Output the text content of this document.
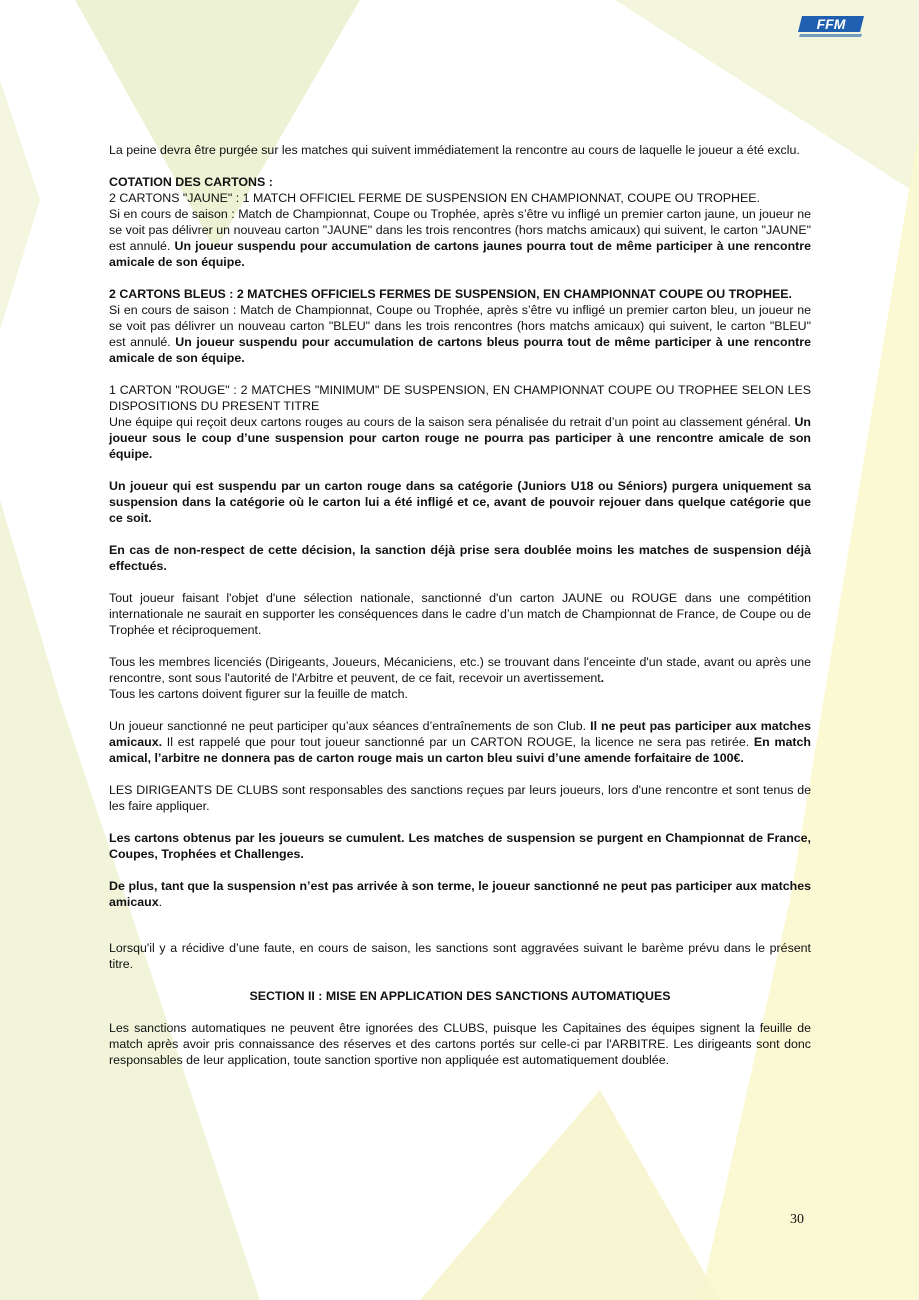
FFM

La peine devra être purgée sur les matches qui suivent immédiatement la rencontre au cours de laquelle le joueur a été exclu.

COTATION DES CARTONS :
2 CARTONS "JAUNE" : 1 MATCH OFFICIEL FERME DE SUSPENSION EN CHAMPIONNAT, COUPE OU TROPHEE.
Si en cours de saison : Match de Championnat, Coupe ou Trophée, après s’être vu infligé un premier carton jaune, un joueur ne se voit pas délivrer un nouveau carton "JAUNE" dans les trois rencontres (hors matchs amicaux) qui suivent, le carton "JAUNE" est annulé. Un joueur suspendu pour accumulation de cartons jaunes pourra tout de même participer à une rencontre amicale de son équipe.

2 CARTONS BLEUS : 2 MATCHES OFFICIELS FERMES DE SUSPENSION, EN CHAMPIONNAT COUPE OU TROPHEE.
Si en cours de saison : Match de Championnat, Coupe ou Trophée, après s’être vu infligé un premier carton bleu, un joueur ne se voit pas délivrer un nouveau carton "BLEU" dans les trois rencontres (hors matchs amicaux) qui suivent, le carton "BLEU" est annulé. Un joueur suspendu pour accumulation de cartons bleus pourra tout de même participer à une rencontre amicale de son équipe.

1 CARTON "ROUGE" : 2 MATCHES "MINIMUM" DE SUSPENSION, EN CHAMPIONNAT COUPE OU TROPHEE SELON LES DISPOSITIONS DU PRESENT TITRE
Une équipe qui reçoit deux cartons rouges au cours de la saison sera pénalisée du retrait d’un point au classement général. Un joueur sous le coup d’une suspension pour carton rouge ne pourra pas participer à une rencontre amicale de son équipe.

Un joueur qui est suspendu par un carton rouge dans sa catégorie (Juniors U18 ou Séniors) purgera uniquement sa suspension dans la catégorie où le carton lui a été infligé et ce, avant de pouvoir rejouer dans quelque catégorie que ce soit.

En cas de non-respect de cette décision, la sanction déjà prise sera doublée moins les matches de suspension déjà effectués.

Tout joueur faisant l'objet d'une sélection nationale, sanctionné d'un carton JAUNE ou ROUGE dans une compétition internationale ne saurait en supporter les conséquences dans le cadre d’un match de Championnat de France, de Coupe ou de Trophée et réciproquement.

Tous les membres licenciés (Dirigeants, Joueurs, Mécaniciens, etc.) se trouvant dans l'enceinte d'un stade, avant ou après une rencontre, sont sous l'autorité de l'Arbitre et peuvent, de ce fait, recevoir un avertissement.
Tous les cartons doivent figurer sur la feuille de match.

Un joueur sanctionné ne peut participer qu’aux séances d’entraînements de son Club. Il ne peut pas participer aux matches amicaux. Il est rappelé que pour tout joueur sanctionné par un CARTON ROUGE, la licence ne sera pas retirée. En match amical, l’arbitre ne donnera pas de carton rouge mais un carton bleu suivi d’une amende forfaitaire de 100€.

LES DIRIGEANTS DE CLUBS sont responsables des sanctions reçues par leurs joueurs, lors d'une rencontre et sont tenus de les faire appliquer.

Les cartons obtenus par les joueurs se cumulent. Les matches de suspension se purgent en Championnat de France, Coupes, Trophées et Challenges.

De plus, tant que la suspension n’est pas arrivée à son terme, le joueur sanctionné ne peut pas participer aux matches amicaux.

Lorsqu'il y a récidive d’une faute, en cours de saison, les sanctions sont aggravées suivant le barème prévu dans le présent titre.

SECTION II : MISE EN APPLICATION DES SANCTIONS AUTOMATIQUES

Les sanctions automatiques ne peuvent être ignorées des CLUBS, puisque les Capitaines des équipes signent la feuille de match après avoir pris connaissance des réserves et des cartons portés sur celle-ci par l'ARBITRE. Les dirigeants sont donc responsables de leur application, toute sanction sportive non appliquée est automatiquement doublée.

30
